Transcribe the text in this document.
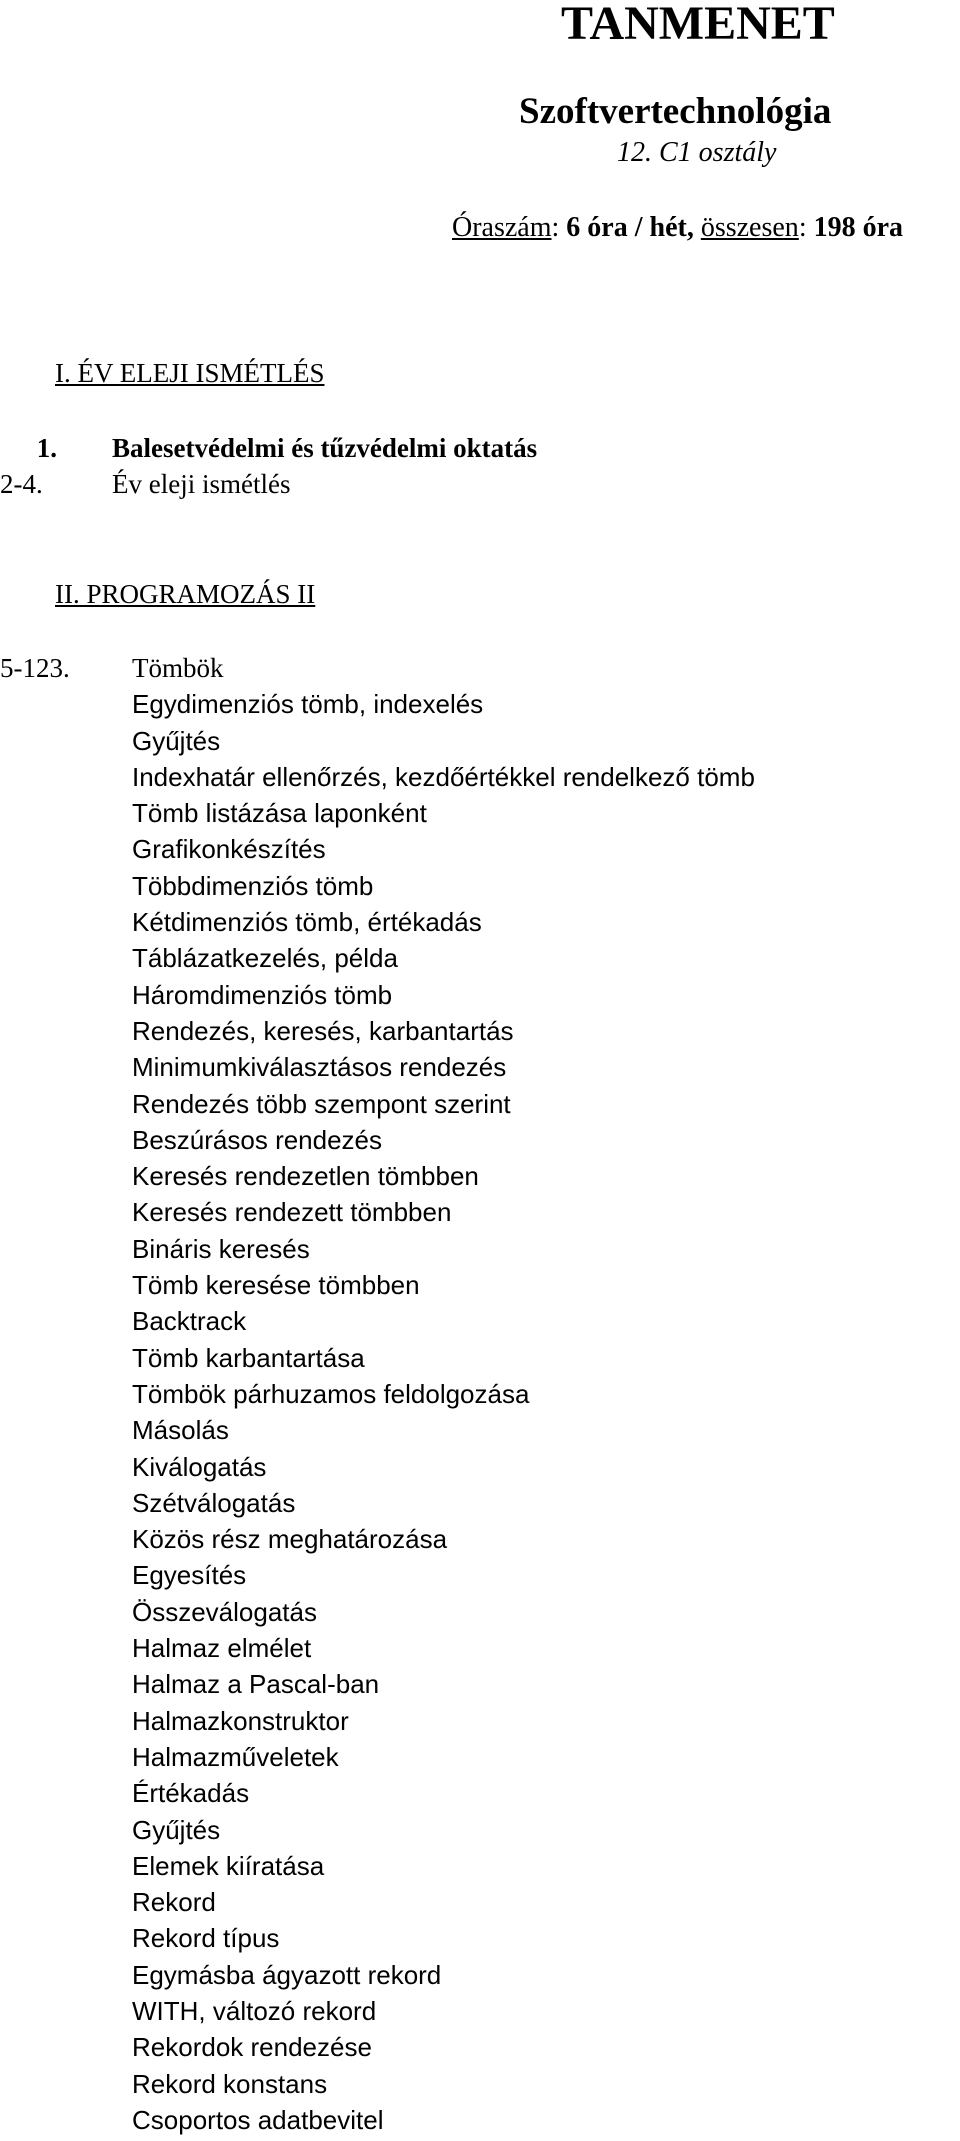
TANMENET
Szoftvertechnológia
12. C1 osztály
Óraszám: 6 óra / hét, összesen: 198 óra
I. ÉV ELEJI ISMÉTLÉS
1. Balesetvédelmi és tűzvédelmi oktatás
2-4.	Év eleji ismétlés
II. PROGRAMOZÁS II
5-123. Tömbök
Egydimenziós tömb, indexelés
Gyűjtés
Indexhatár ellenőrzés, kezdőértékkel rendelkező tömb
Tömb listázása laponként
Grafikonkészítés
Többdimenziós tömb
Kétdimenziós tömb, értékadás
Táblázatkezelés, példa
Háromdimenziós tömb
Rendezés, keresés, karbantartás
Minimumkiválasztásos rendezés
Rendezés több szempont szerint
Beszúrásos rendezés
Keresés rendezetlen tömbben
Keresés rendezett tömbben
Bináris keresés
Tömb keresése tömbben
Backtrack
Tömb karbantartása
Tömbök párhuzamos feldolgozása
Másolás
Kiválogatás
Szétválogatás
Közös rész meghatározása
Egyesítés
Összeválogatás
Halmaz elmélet
Halmaz a Pascal-ban
Halmazkonstruktor
Halmazműveletek
Értékadás
Gyűjtés
Elemek kiíratása
Rekord
Rekord típus
Egymásba ágyazott rekord
WITH, változó rekord
Rekordok rendezése
Rekord konstans
Csoportos adatbevitel
